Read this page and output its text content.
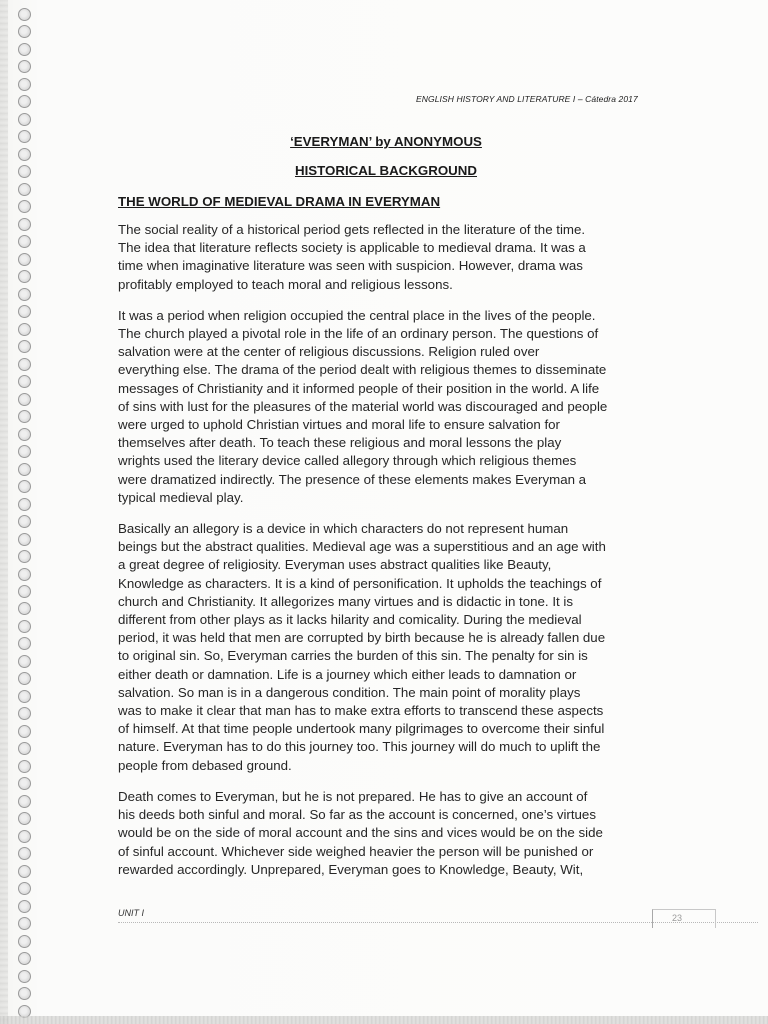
ENGLISH HISTORY AND LITERATURE I – Cátedra 2017
‘EVERYMAN’ by ANONYMOUS
HISTORICAL BACKGROUND
THE WORLD OF MEDIEVAL DRAMA IN EVERYMAN

The social reality of a historical period gets reflected in the literature of the time.
The idea that literature reflects society is applicable to medieval drama. It was a
time when imaginative literature was seen with suspicion. However, drama was
profitably employed to teach moral and religious lessons.

It was a period when religion occupied the central place in the lives of the people.
The church played a pivotal role in the life of an ordinary person. The questions of
salvation were at the center of religious discussions. Religion ruled over
everything else. The drama of the period dealt with religious themes to disseminate
messages of Christianity and it informed people of their position in the world. A life
of sins with lust for the pleasures of the material world was discouraged and people
were urged to uphold Christian virtues and moral life to ensure salvation for
themselves after death. To teach these religious and moral lessons the play
wrights used the literary device called allegory through which religious themes
were dramatized indirectly. The presence of these elements makes Everyman a
typical medieval play.

Basically an allegory is a device in which characters do not represent human
beings but the abstract qualities. Medieval age was a superstitious and an age with
a great degree of religiosity. Everyman uses abstract qualities like Beauty,
Knowledge as characters. It is a kind of personification. It upholds the teachings of
church and Christianity. It allegorizes many virtues and is didactic in tone. It is
different from other plays as it lacks hilarity and comicality. During the medieval
period, it was held that men are corrupted by birth because he is already fallen due
to original sin. So, Everyman carries the burden of this sin. The penalty for sin is
either death or damnation. Life is a journey which either leads to damnation or
salvation. So man is in a dangerous condition. The main point of morality plays
was to make it clear that man has to make extra efforts to transcend these aspects
of himself. At that time people undertook many pilgrimages to overcome their sinful
nature. Everyman has to do this journey too. This journey will do much to uplift the
people from debased ground.

Death comes to Everyman, but he is not prepared. He has to give an account of
his deeds both sinful and moral. So far as the account is concerned, one’s virtues
would be on the side of moral account and the sins and vices would be on the side
of sinful account. Whichever side weighed heavier the person will be punished or
rewarded accordingly. Unprepared, Everyman goes to Knowledge, Beauty, Wit,

UNIT I	23
